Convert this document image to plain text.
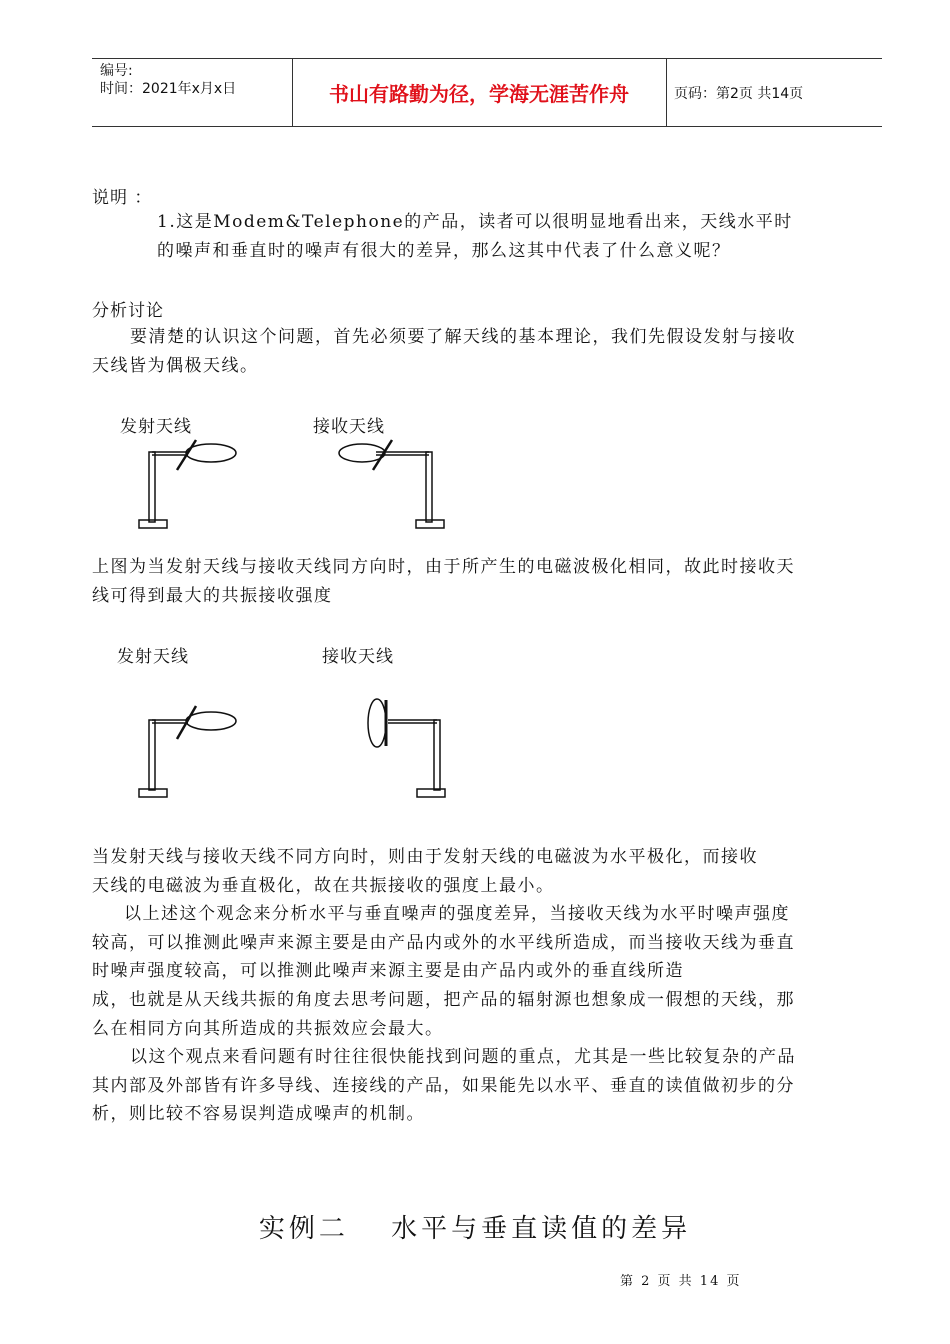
编号:
时间：2021年x月x日	书山有路勤为径，学海无涯苦作舟	页码：第2页 共14页
说明 ：
1.这是Modem&Telephone的产品，读者可以很明显地看出来，天线水平时
的噪声和垂直时的噪声有很大的差异，那么这其中代表了什么意义呢？
分析讨论
要清楚的认识这个问题，首先必须要了解天线的基本理论，我们先假设发射与接收
天线皆为偶极天线。
发射天线	接收天线
上图为当发射天线与接收天线同方向时，由于所产生的电磁波极化相同，故此时接收天
线可得到最大的共振接收强度
发射天线	接收天线
当发射天线与接收天线不同方向时，则由于发射天线的电磁波为水平极化，而接收
天线的电磁波为垂直极化，故在共振接收的强度上最小。
以上述这个观念来分析水平与垂直噪声的强度差异，当接收天线为水平时噪声强度
较高，可以推测此噪声来源主要是由产品内或外的水平线所造成，而当接收天线为垂直
时噪声强度较高，可以推测此噪声来源主要是由产品内或外的垂直线所造
成，也就是从天线共振的角度去思考问题，把产品的辐射源也想象成一假想的天线，那
么在相同方向其所造成的共振效应会最大。
以这个观点来看问题有时往往很快能找到问题的重点，尤其是一些比较复杂的产品
其内部及外部皆有许多导线、连接线的产品，如果能先以水平、垂直的读值做初步的分
析，则比较不容易误判造成噪声的机制。
实例二　 水平与垂直读值的差异
第 2 页 共 14 页
